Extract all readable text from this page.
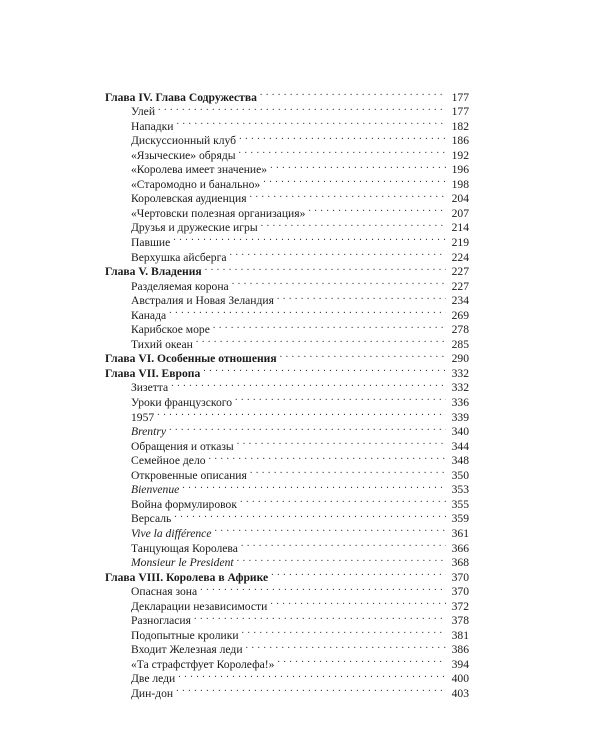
Глава IV. Глава Содружества . . .	177
Улей . . .	177
Нападки . . .	182
Дискуссионный клуб . . .	186
«Языческие» обряды . . .	192
«Королева имеет значение» . . .	196
«Старомодно и банально» . . .	198
Королевская аудиенция . . .	204
«Чертовски полезная организация» . . .	207
Друзья и дружеские игры . . .	214
Павшие . . .	219
Верхушка айсберга . . .	224
Глава V. Владения . . .	227
Разделяемая корона . . .	227
Австралия и Новая Зеландия . . .	234
Канада . . .	269
Карибское море . . .	278
Тихий океан . . .	285
Глава VI. Особенные отношения . . .	290
Глава VII. Европа . . .	332
Зизетта . . .	332
Уроки французского . . .	336
1957 . . .	339
Brentry . . .	340
Обращения и отказы . . .	344
Семейное дело . . .	348
Откровенные описания . . .	350
Bienvenue . . .	353
Война формулировок . . .	355
Версаль . . .	359
Vive la différence . . .	361
Танцующая Королева . . .	366
Monsieur le President . . .	368
Глава VIII. Королева в Африке . . .	370
Опасная зона . . .	370
Декларации независимости . . .	372
Разногласия . . .	378
Подопытные кролики . . .	381
Входит Железная леди . . .	386
«Та страфстфует Королефа!» . . .	394
Две леди . . .	400
Дин-дон . . .	403
